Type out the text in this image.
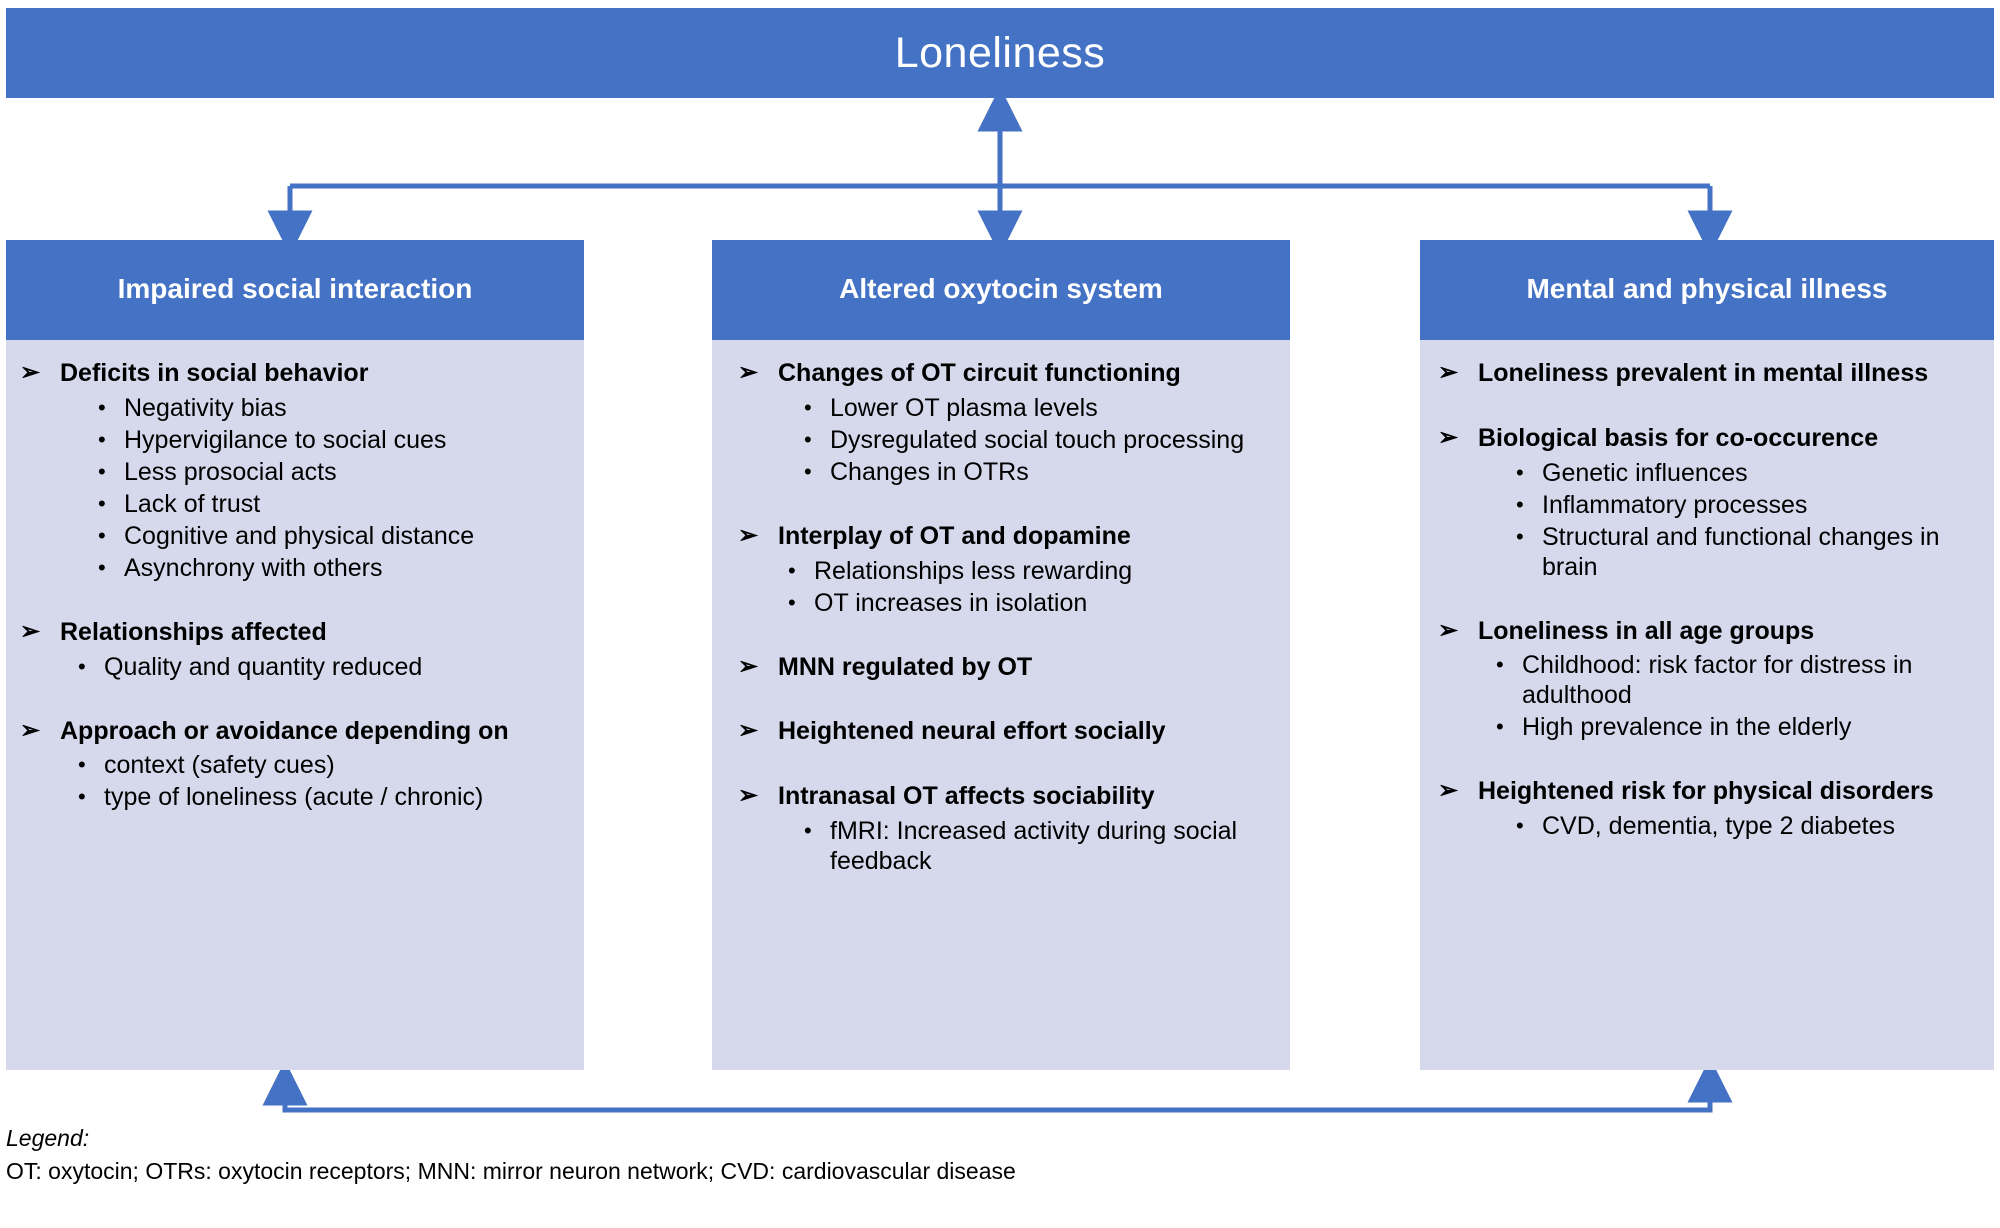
Loneliness
Impaired social interaction
➢ Deficits in social behavior
• Negativity bias
• Hypervigilance to social cues
• Less prosocial acts
• Lack of trust
• Cognitive and physical distance
• Asynchrony with others
➢ Relationships affected
• Quality and quantity reduced
➢ Approach or avoidance depending on
• context (safety cues)
• type of loneliness (acute / chronic)
Altered oxytocin system
➢ Changes of OT circuit functioning
• Lower OT plasma levels
• Dysregulated social touch processing
• Changes in OTRs
➢ Interplay of OT and dopamine
• Relationships less rewarding
• OT increases in isolation
➢ MNN regulated by OT
➢ Heightened neural effort socially
➢ Intranasal OT affects sociability
• fMRI: Increased activity during social feedback
Mental and physical illness
➢ Loneliness prevalent in mental illness
➢ Biological basis for co-occurence
• Genetic influences
• Inflammatory processes
• Structural and functional changes in brain
➢ Loneliness in all age groups
• Childhood: risk factor for distress in adulthood
• High prevalence in the elderly
➢ Heightened risk for physical disorders
• CVD, dementia, type 2 diabetes
Legend:
OT: oxytocin; OTRs: oxytocin receptors; MNN: mirror neuron network; CVD: cardiovascular disease
